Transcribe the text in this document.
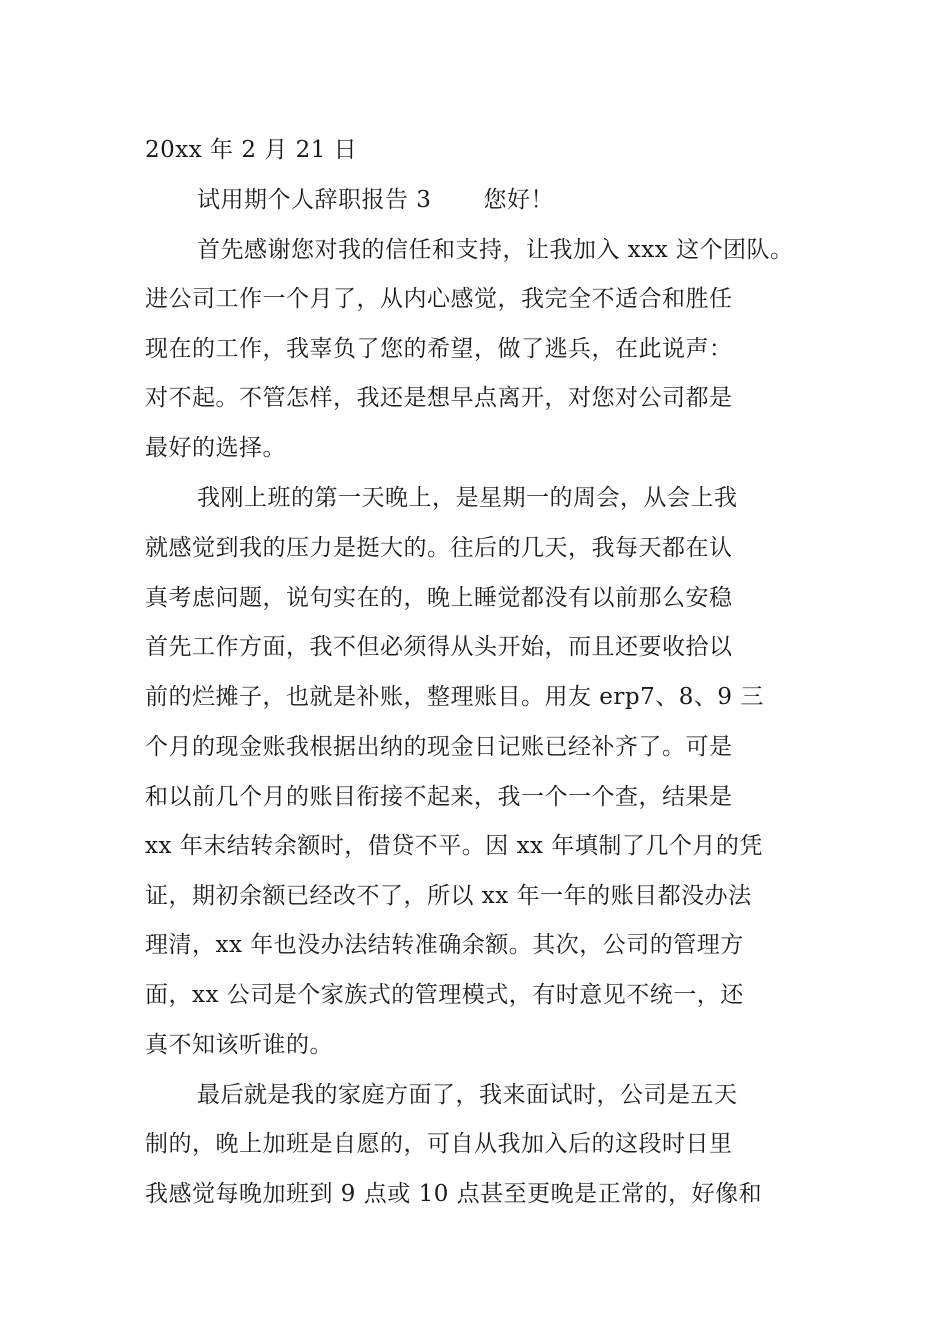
20xx 年 2 月 21 日
试用期个人辞职报告 3 您好！
首先感谢您对我的信任和支持，让我加入 xxx 这个团队。
进公司工作一个月了，从内心感觉，我完全不适合和胜任
现在的工作，我辜负了您的希望，做了逃兵，在此说声：
对不起。不管怎样，我还是想早点离开，对您对公司都是
最好的选择。
我刚上班的第一天晚上，是星期一的周会，从会上我
就感觉到我的压力是挺大的。往后的几天，我每天都在认
真考虑问题，说句实在的，晚上睡觉都没有以前那么安稳
首先工作方面，我不但必须得从头开始，而且还要收拾以
前的烂摊子，也就是补账，整理账目。用友 erp7、8、9 三
个月的现金账我根据出纳的现金日记账已经补齐了。可是
和以前几个月的账目衔接不起来，我一个一个查，结果是
xx 年末结转余额时，借贷不平。因 xx 年填制了几个月的凭
证，期初余额已经改不了，所以 xx 年一年的账目都没办法
理清，xx 年也没办法结转准确余额。其次，公司的管理方
面，xx 公司是个家族式的管理模式，有时意见不统一，还
真不知该听谁的。
最后就是我的家庭方面了，我来面试时，公司是五天
制的，晚上加班是自愿的，可自从我加入后的这段时日里
我感觉每晚加班到 9 点或 10 点甚至更晚是正常的，好像和
